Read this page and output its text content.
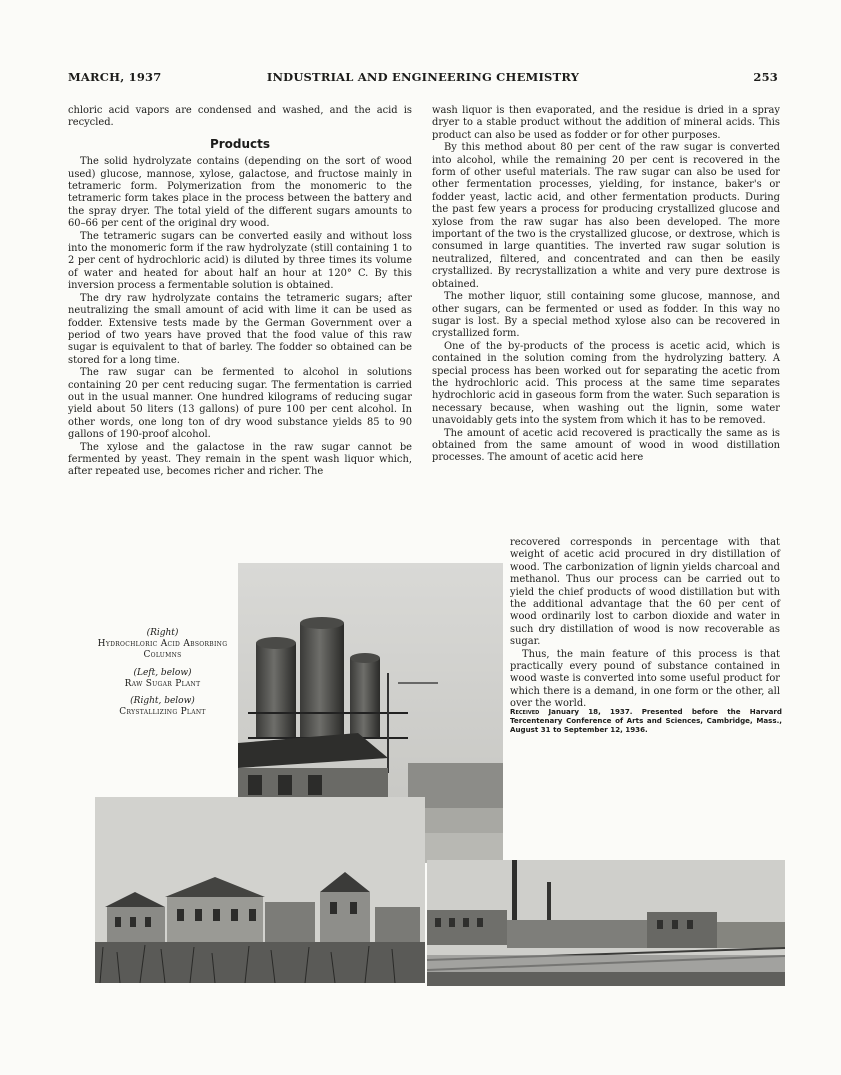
MARCH, 1937	INDUSTRIAL AND ENGINEERING CHEMISTRY	253

chloric acid vapors are condensed and washed, and the acid is recycled.

Products

The solid hydrolyzate contains (depending on the sort of wood used) glucose, mannose, xylose, galactose, and fructose mainly in tetrameric form. Polymerization from the monomeric to the tetrameric form takes place in the process between the battery and the spray dryer. The total yield of the different sugars amounts to 60–66 per cent of the original dry wood.

The tetrameric sugars can be converted easily and without loss into the monomeric form if the raw hydrolyzate (still containing 1 to 2 per cent of hydrochloric acid) is diluted by three times its volume of water and heated for about half an hour at 120° C. By this inversion process a fermentable solution is obtained.

The dry raw hydrolyzate contains the tetrameric sugars; after neutralizing the small amount of acid with lime it can be used as fodder. Extensive tests made by the German Government over a period of two years have proved that the food value of this raw sugar is equivalent to that of barley. The fodder so obtained can be stored for a long time.

The raw sugar can be fermented to alcohol in solutions containing 20 per cent reducing sugar. The fermentation is carried out in the usual manner. One hundred kilograms of reducing sugar yield about 50 liters (13 gallons) of pure 100 per cent alcohol. In other words, one long ton of dry wood substance yields 85 to 90 gallons of 190-proof alcohol.

The xylose and the galactose in the raw sugar cannot be fermented by yeast. They remain in the spent wash liquor which, after repeated use, becomes richer and richer. The

wash liquor is then evaporated, and the residue is dried in a spray dryer to a stable product without the addition of mineral acids. This product can also be used as fodder or for other purposes.

By this method about 80 per cent of the raw sugar is converted into alcohol, while the remaining 20 per cent is recovered in the form of other useful materials. The raw sugar can also be used for other fermentation processes, yielding, for instance, baker's or fodder yeast, lactic acid, and other fermentation products. During the past few years a process for producing crystallized glucose and xylose from the raw sugar has also been developed. The more important of the two is the crystallized glucose, or dextrose, which is consumed in large quantities. The inverted raw sugar solution is neutralized, filtered, and concentrated and can then be easily crystallized. By recrystallization a white and very pure dextrose is obtained.

The mother liquor, still containing some glucose, mannose, and other sugars, can be fermented or used as fodder. In this way no sugar is lost. By a special method xylose also can be recovered in crystallized form.

One of the by-products of the process is acetic acid, which is contained in the solution coming from the hydrolyzing battery. A special process has been worked out for separating the acetic from the hydrochloric acid. This process at the same time separates hydrochloric acid in gaseous form from the water. Such separation is necessary because, when washing out the lignin, some water unavoidably gets into the system from which it has to be removed.

The amount of acetic acid recovered is practically the same as is obtained from the same amount of wood in wood distillation processes. The amount of acetic acid here

recovered corresponds in percentage with that weight of acetic acid procured in dry distillation of wood. The carbonization of lignin yields charcoal and methanol. Thus our process can be carried out to yield the chief products of wood distillation but with the additional advantage that the 60 per cent of wood ordinarily lost to carbon dioxide and water in such dry distillation of wood is now recoverable as sugar.

Thus, the main feature of this process is that practically every pound of substance contained in wood waste is converted into some useful product for which there is a demand, in one form or the other, all over the world.

Received January 18, 1937. Presented before the Harvard Tercentenary Conference of Arts and Sciences, Cambridge, Mass., August 31 to September 12, 1936.
(Right)
Hydrochloric Acid Absorbing Columns
(Left, below)
Raw Sugar Plant
(Right, below)
Crystallizing Plant
